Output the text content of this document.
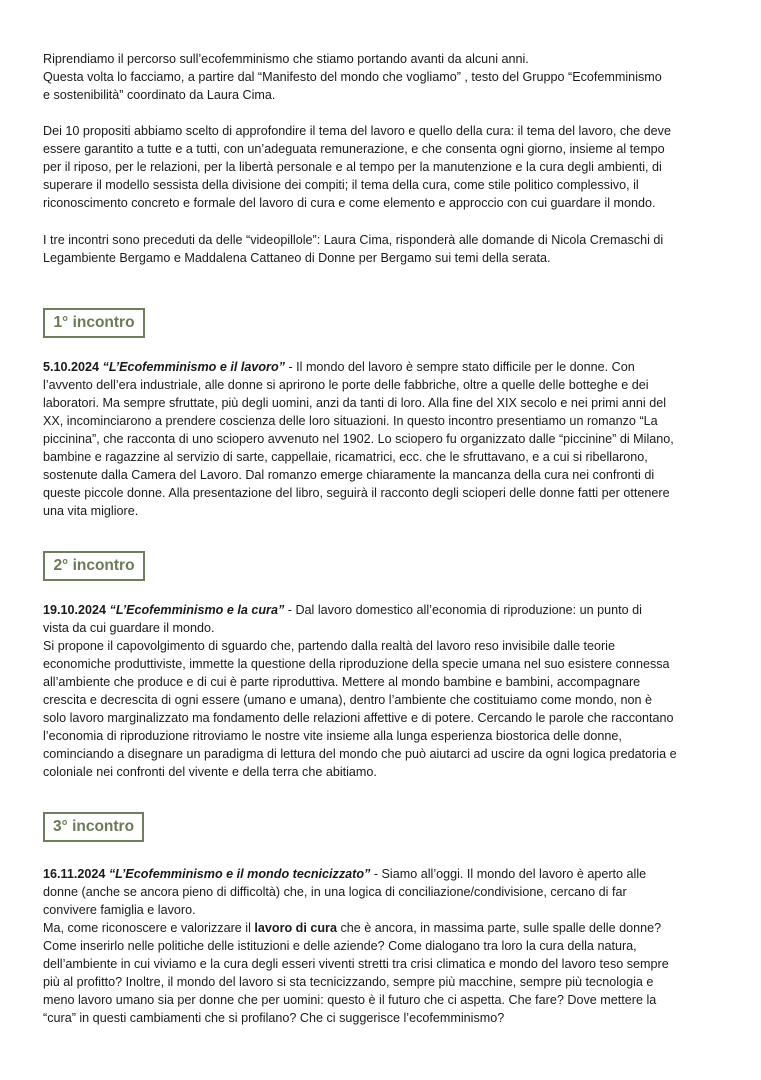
Riprendiamo il percorso sull’ecofemminismo che stiamo portando avanti da alcuni anni.
Questa volta lo facciamo, a partire dal “Manifesto del mondo che vogliamo” , testo del Gruppo “Ecofemminismo
e sostenibilità” coordinato da Laura Cima.
Dei 10 propositi abbiamo scelto di approfondire il tema del lavoro e quello della cura: il tema del lavoro, che deve
essere garantito a tutte e a tutti, con un’adeguata remunerazione, e che consenta ogni giorno, insieme al tempo
per il riposo, per le relazioni, per la libertà personale e al tempo per la manutenzione e la cura degli ambienti, di
superare il modello sessista della divisione dei compiti; il tema della cura, come stile politico complessivo, il
riconoscimento concreto e formale del lavoro di cura e come elemento e approccio con cui guardare il mondo.
I tre incontri sono preceduti da delle “videopillole”: Laura Cima, risponderà alle domande di Nicola Cremaschi di
Legambiente Bergamo e Maddalena Cattaneo di Donne per Bergamo sui temi della serata.
1° incontro
5.10.2024 “L’Ecofemminismo e il lavoro” - Il mondo del lavoro è sempre stato difficile per le donne. Con
l’avvento dell’era industriale, alle donne si aprirono le porte delle fabbriche, oltre a quelle delle botteghe e dei
laboratori. Ma sempre sfruttate, più degli uomini, anzi da tanti di loro. Alla fine del XIX secolo e nei primi anni del
XX, incominciarono a prendere coscienza delle loro situazioni. In questo incontro presentiamo un romanzo “La
piccinina”, che racconta di uno sciopero avvenuto nel 1902. Lo sciopero fu organizzato dalle “piccinine” di Milano,
bambine e ragazzine al servizio di sarte, cappellaie, ricamatrici, ecc. che le sfruttavano, e a cui si ribellarono,
sostenute dalla Camera del Lavoro. Dal romanzo emerge chiaramente la mancanza della cura nei confronti di
queste piccole donne. Alla presentazione del libro, seguirà il racconto degli scioperi delle donne fatti per ottenere
una vita migliore.
2° incontro
19.10.2024 “L’Ecofemminismo e la cura” - Dal lavoro domestico all’economia di riproduzione: un punto di
vista da cui guardare il mondo.
Si propone il capovolgimento di sguardo che, partendo dalla realtà del lavoro reso invisibile dalle teorie
economiche produttiviste, immette la questione della riproduzione della specie umana nel suo esistere connessa
all’ambiente che produce e di cui è parte riproduttiva. Mettere al mondo bambine e bambini, accompagnare
crescita e decrescita di ogni essere (umano e umana), dentro l’ambiente che costituiamo come mondo, non è
solo lavoro marginalizzato ma fondamento delle relazioni affettive e di potere. Cercando le parole che raccontano
l’economia di riproduzione ritroviamo le nostre vite insieme alla lunga esperienza biostorica delle donne,
cominciando a disegnare un paradigma di lettura del mondo che può aiutarci ad uscire da ogni logica predatoria e
coloniale nei confronti del vivente e della terra che abitiamo.
3° incontro
16.11.2024 “L’Ecofemminismo e il mondo tecnicizzato” - Siamo all’oggi. Il mondo del lavoro è aperto alle
donne (anche se ancora pieno di difficoltà) che, in una logica di conciliazione/condivisione, cercano di far
convivere famiglia e lavoro.
Ma, come riconoscere e valorizzare il lavoro di cura che è ancora, in massima parte, sulle spalle delle donne?
Come inserirlo nelle politiche delle istituzioni e delle aziende? Come dialogano tra loro la cura della natura,
dell’ambiente in cui viviamo e la cura degli esseri viventi stretti tra crisi climatica e mondo del lavoro teso sempre
più al profitto? Inoltre, il mondo del lavoro si sta tecnicizzando, sempre più macchine, sempre più tecnologia e
meno lavoro umano sia per donne che per uomini: questo è il futuro che ci aspetta. Che fare? Dove mettere la
“cura” in questi cambiamenti che si profilano? Che ci suggerisce l’ecofemminismo?
